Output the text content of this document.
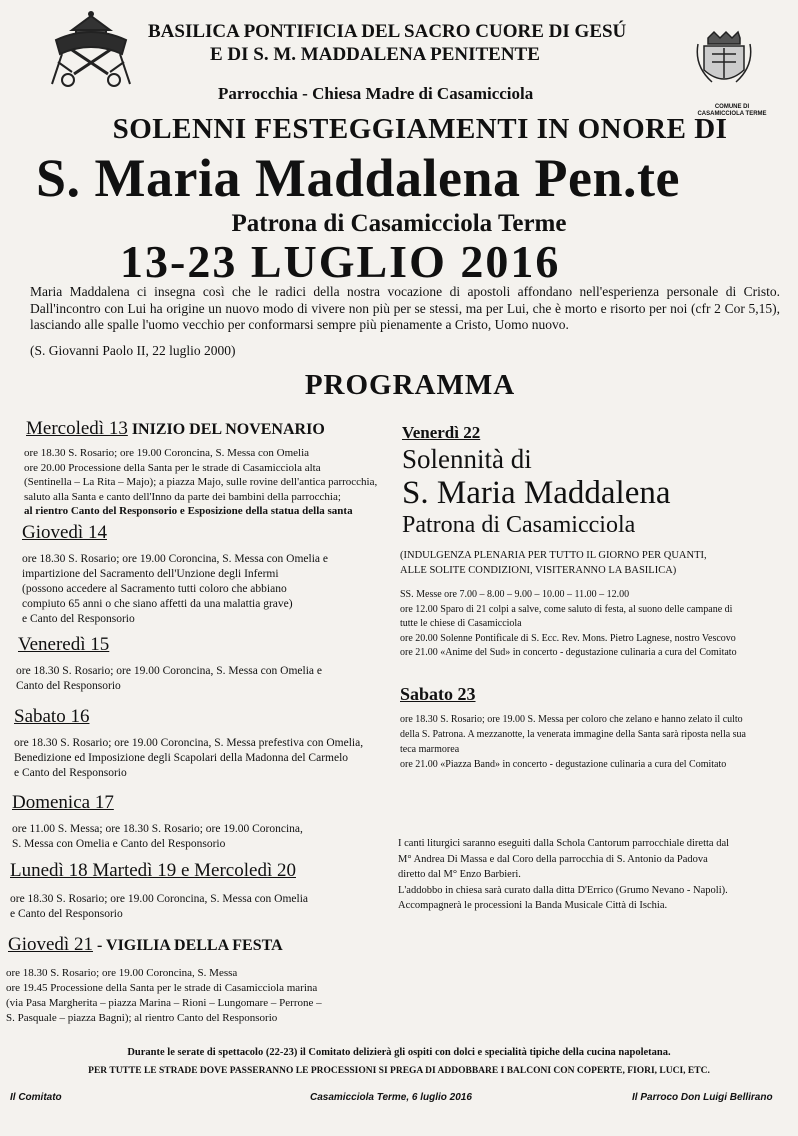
BASILICA PONTIFICIA DEL SACRO CUORE DI GESÚ
E DI S. M. MADDALENA PENITENTE
Parrocchia - Chiesa Madre di Casamicciola
COMUNE DI CASAMICCIOLA TERME
SOLENNI FESTEGGIAMENTI IN ONORE DI
S. Maria Maddalena Pen.te
Patrona di Casamicciola Terme
13-23 LUGLIO 2016
Maria Maddalena ci insegna così che le radici della nostra vocazione di apostoli affondano nell'esperienza personale di Cristo. Dall'incontro con Lui ha origine un nuovo modo di vivere non più per se stessi, ma per Lui, che è morto e risorto per noi (cfr 2 Cor 5,15), lasciando alle spalle l'uomo vecchio per conformarsi sempre più pienamente a Cristo, Uomo nuovo.
(S. Giovanni Paolo II, 22 luglio 2000)
PROGRAMMA
Mercoledì 13 INIZIO DEL NOVENARIO

ore 18.30 S. Rosario; ore 19.00 Coroncina, S. Messa con Omelia

ore 20.00 Processione della Santa per le strade di Casamicciola alta

(Sentinella – La Rita – Majo); a piazza Majo, sulle rovine dell'antica parrocchia,

saluto alla Santa e canto dell'Inno da parte dei bambini della parrocchia;

al rientro Canto del Responsorio e Esposizione della statua della santa

Giovedì 14

ore 18.30 S. Rosario; ore 19.00 Coroncina, S. Messa con Omelia e

impartizione del Sacramento dell'Unzione degli Infermi

(possono accedere al Sacramento tutti coloro che abbiano

compiuto 65 anni o che siano affetti da una malattia grave)

e Canto del Responsorio

Veneredì 15

ore 18.30 S. Rosario; ore 19.00 Coroncina, S. Messa con Omelia e

Canto del Responsorio

Sabato 16

ore 18.30 S. Rosario; ore 19.00 Coroncina, S. Messa prefestiva con Omelia,

Benedizione ed Imposizione degli Scapolari della Madonna del Carmelo

e Canto del Responsorio

Domenica 17

ore 11.00 S. Messa; ore 18.30 S. Rosario; ore 19.00 Coroncina,

S. Messa con Omelia e Canto del Responsorio

Lunedì 18 Martedì 19 e Mercoledì 20

ore 18.30 S. Rosario; ore 19.00 Coroncina, S. Messa con Omelia

e Canto del Responsorio

Giovedì 21 - VIGILIA DELLA FESTA

ore 18.30 S. Rosario; ore 19.00 Coroncina, S. Messa

ore 19.45 Processione della Santa per le strade di Casamicciola marina

(via Pasa Margherita – piazza Marina – Rioni – Lungomare – Perrone –

S. Pasquale – piazza Bagni); al rientro Canto del Responsorio

Venerdì 22
Solennità di
S. Maria Maddalena
Patrona di Casamicciola

(INDULGENZA PLENARIA PER TUTTO IL GIORNO PER QUANTI,

ALLE SOLITE CONDIZIONI, VISITERANNO LA BASILICA)

SS. Messe ore 7.00 – 8.00 – 9.00 – 10.00 – 11.00 – 12.00

ore 12.00 Sparo di 21 colpi a salve, come saluto di festa, al suono delle campane di

tutte le chiese di Casamicciola

ore 20.00 Solenne Pontificale di S. Ecc. Rev. Mons. Pietro Lagnese, nostro Vescovo

ore 21.00 «Anime del Sud» in concerto - degustazione culinaria a cura del Comitato

Sabato 23

ore 18.30 S. Rosario; ore 19.00 S. Messa per coloro che zelano e hanno zelato il culto

della S. Patrona. A mezzanotte, la venerata immagine della Santa sarà riposta nella sua

teca marmorea

ore 21.00 «Piazza Band» in concerto - degustazione culinaria a cura del Comitato

I canti liturgici saranno eseguiti dalla Schola Cantorum parrocchiale diretta dal

M° Andrea Di Massa e dal Coro della parrocchia di S. Antonio da Padova

diretto dal M° Enzo Barbieri.

L'addobbo in chiesa sarà curato dalla ditta D'Errico (Grumo Nevano - Napoli).

Accompagnerà le processioni la Banda Musicale Città di Ischia.

Durante le serate di spettacolo (22-23) il Comitato delizierà gli ospiti con dolci e specialità tipiche della cucina napoletana.
PER TUTTE LE STRADE DOVE PASSERANNO LE PROCESSIONI SI PREGA DI ADDOBBARE I BALCONI CON COPERTE, FIORI, LUCI, ETC.
Il Comitato	Casamicciola Terme, 6 luglio 2016	Il Parroco Don Luigi Bellirano
